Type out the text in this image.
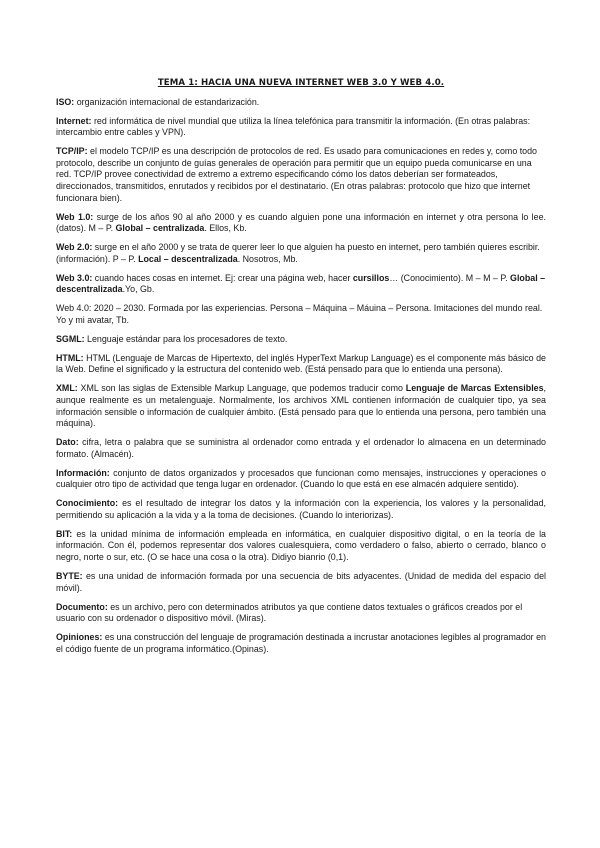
TEMA 1: HACIA UNA NUEVA INTERNET WEB 3.0 Y WEB 4.0.

ISO: organización internacional de estandarización.

Internet: red informática de nivel mundial que utiliza la línea telefónica para transmitir la información. (En otras palabras: intercambio entre cables y VPN).

TCP/IP: el modelo TCP/IP es una descripción de protocolos de red. Es usado para comunicaciones en redes y, como todo protocolo, describe un conjunto de guías generales de operación para permitir que un equipo pueda comunicarse en una red. TCP/IP provee conectividad de extremo a extremo especificando cómo los datos deberían ser formateados, direccionados, transmitidos, enrutados y recibidos por el destinatario. (En otras palabras: protocolo que hizo que internet funcionara bien).

Web 1.0: surge de los años 90 al año 2000 y es cuando alguien pone una información en internet y otra persona lo lee. (datos). M – P. Global – centralizada. Ellos, Kb.

Web 2.0: surge en el año 2000 y se trata de querer leer lo que alguien ha puesto en internet, pero también quieres escribir. (información). P – P. Local – descentralizada. Nosotros, Mb.

Web 3.0: cuando haces cosas en internet. Ej: crear una página web, hacer cursillos… (Conocimiento). M – M – P. Global – descentralizada.Yo, Gb.

Web 4.0: 2020 – 2030. Formada por las experiencias. Persona – Máquina – Máuina – Persona. Imitaciones del mundo real. Yo y mi avatar, Tb.

SGML: Lenguaje estándar para los procesadores de texto.

HTML: HTML (Lenguaje de Marcas de Hipertexto, del inglés HyperText Markup Language) es el componente más básico de la Web. Define el significado y la estructura del contenido web. (Está pensado para que lo entienda una persona).

XML: XML son las siglas de Extensible Markup Language, que podemos traducir como Lenguaje de Marcas Extensibles, aunque realmente es un metalenguaje. Normalmente, los archivos XML contienen información de cualquier tipo, ya sea información sensible o información de cualquier ámbito. (Está pensado para que lo entienda una persona, pero también una máquina).

Dato: cifra, letra o palabra que se suministra al ordenador como entrada y el ordenador lo almacena en un determinado formato. (Almacén).

Información: conjunto de datos organizados y procesados que funcionan como mensajes, instrucciones y operaciones o cualquier otro tipo de actividad que tenga lugar en ordenador. (Cuando lo que está en ese almacén adquiere sentido).

Conocimiento: es el resultado de integrar los datos y la información con la experiencia, los valores y la personalidad, permitiendo su aplicación a la vida y a la toma de decisiones. (Cuando lo interiorizas).

BIT: es la unidad mínima de información empleada en informática, en cualquier dispositivo digital, o en la teoría de la información. Con él, podemos representar dos valores cualesquiera, como verdadero o falso, abierto o cerrado, blanco o negro, norte o sur, etc. (O se hace una cosa o la otra). Didiyo bianrio (0,1).

BYTE: es una unidad de información formada por una secuencia de bits adyacentes. (Unidad de medida del espacio del móvil).

Documento: es un archivo, pero con determinados atributos ya que contiene datos textuales o gráficos creados por el usuario con su ordenador o dispositivo móvil. (Miras).

Opiniones: es una construcción del lenguaje de programación destinada a incrustar anotaciones legibles al programador en el código fuente de un programa informático.(Opinas).
